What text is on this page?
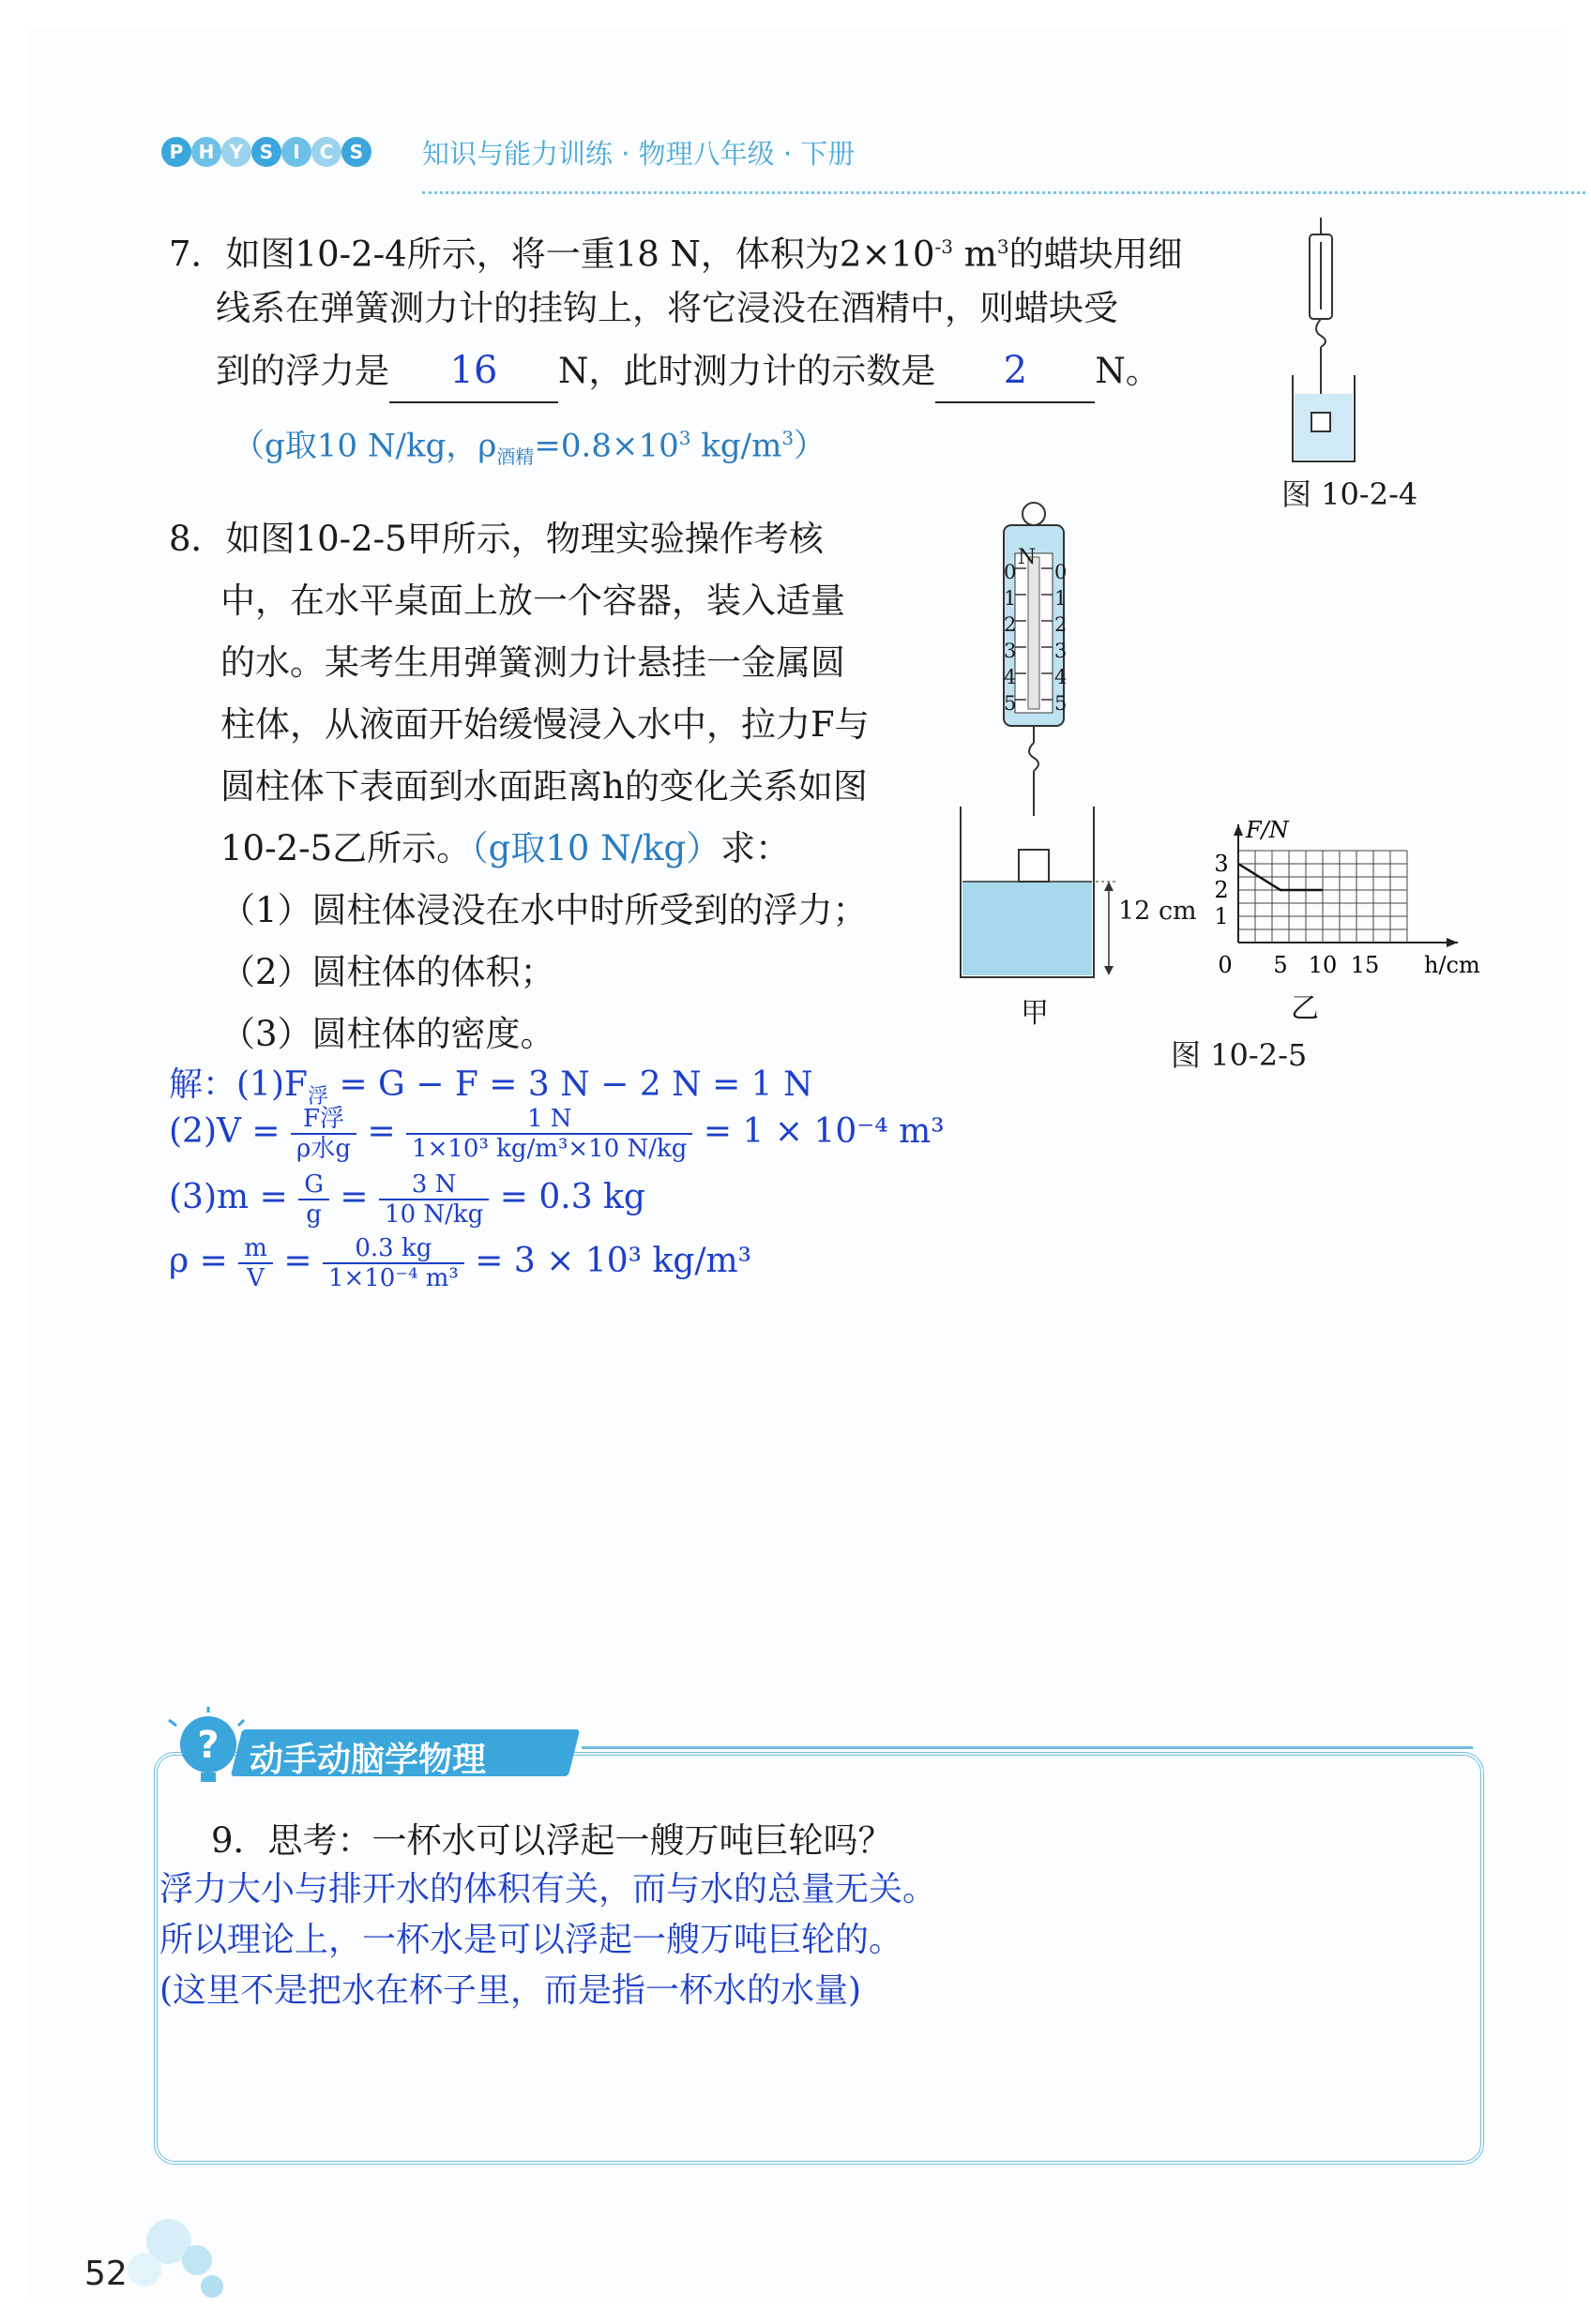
P H Y S	I	C S	知识与能力训练 · 物理八年级 · 下册
7．如图10-2-4所示，将一重18 N，体积为$2\times 10^{-3}$ $m^3$的蜡块用细
线系在弹簧测力计的挂钩上，将它浸没在酒精中，则蜡块受
到的浮力是 16 N，此时测力计的示数是 2 N。
（g取10 N/kg，$\rho_{酒精}=0.8\times 10^3$ $kg/m^3$）
图 10-2-4
8．如图10-2-5甲所示，物理实验操作考核
中，在水平桌面上放一个容器，装入适量
的水。某考生用弹簧测力计悬挂一金属圆
柱体，从液面开始缓慢浸入水中，拉力F与
圆柱体下表面到水面距离h的变化关系如图
10-2-5乙所示。（g取10 N/kg）求：
（1）圆柱体浸没在水中时所受到的浮力；
（2）圆柱体的体积；
（3）圆柱体的密度。
N
0
1
2
3
4
5
0
1
2
3
4
5
12 cm
甲
0 5 10 15
1
2
3
F/N
h/cm
乙
图 10-2-5
解：$(1)F_浮 = G - F = 3$ N − 2 N = 1 N
$(2)V = \frac{\text{F浮}}{\text{ρ水g}} = \frac{1 N}{\text{1×10³ kg/m³×10 N/kg}} = 1 \times 10^{-4}$ m³
$(3)m = \frac{G}{g} = \frac{3 N}{10 N/kg} = 0.3$ kg
$\rho = \frac{m}{V} = \frac{0.3 kg}{\text{1×10⁻⁴ m³}} = 3 \times 10^3$ kg/m³
? 动手动脑学物理
9．思考：一杯水可以浮起一艘万吨巨轮吗？
浮力大小与排开水的体积有关，而与水的总量无关。
所以理论上，一杯水是可以浮起一艘万吨巨轮的。
(这里不是把水在杯子里，而是指一杯水的水量)
52
